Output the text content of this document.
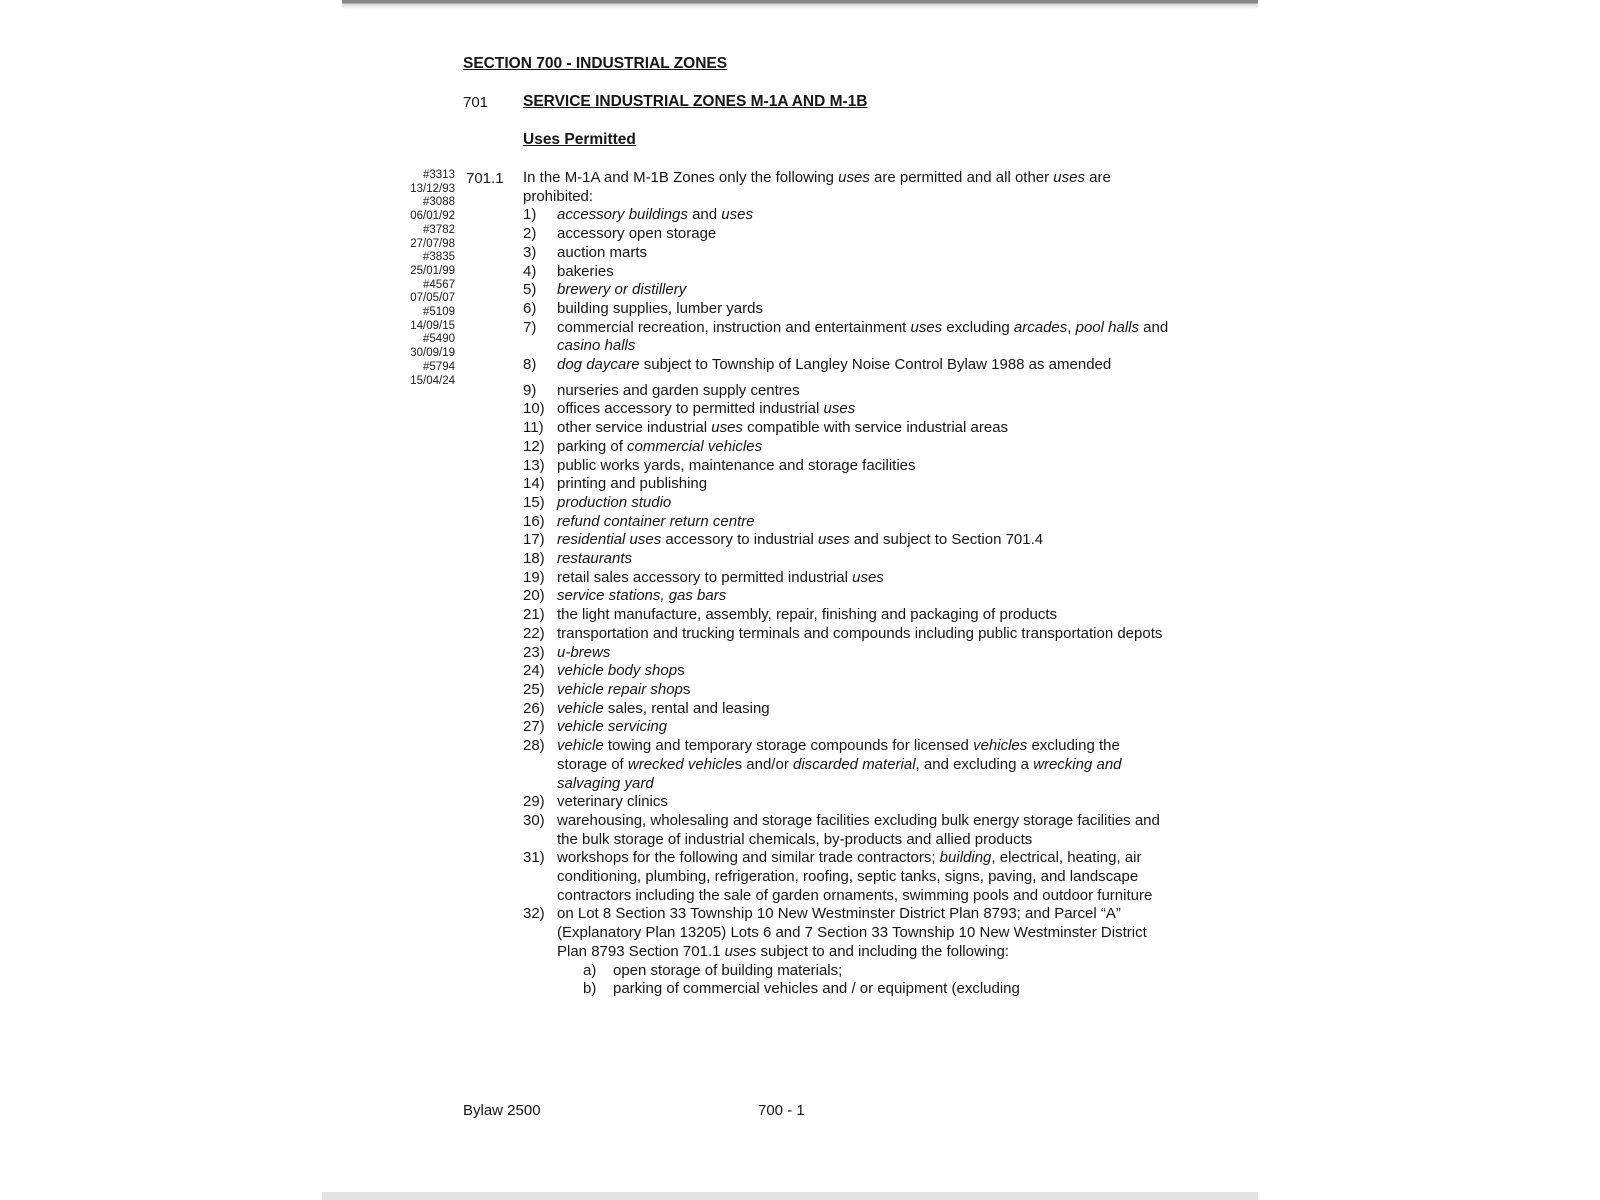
SECTION 700 - INDUSTRIAL ZONES
701 SERVICE INDUSTRIAL ZONES M-1A AND M-1B
Uses Permitted
#3313
13/12/93
#3088
06/01/92
#3782
27/07/98
#3835
25/01/99
#4567
07/05/07
#5109
14/09/15
#5490
30/09/19
#5794
15/04/24
701.1 In the M-1A and M-1B Zones only the following uses are permitted and all other uses are prohibited:
1)	accessory buildings and uses
2)	accessory open storage
3)	auction marts
4)	bakeries
5)	brewery or distillery
6)	building supplies, lumber yards
7)	commercial recreation, instruction and entertainment uses excluding arcades, pool halls and casino halls
8)	dog daycare subject to Township of Langley Noise Control Bylaw 1988 as amended
9)	nurseries and garden supply centres
10) offices accessory to permitted industrial uses
11) other service industrial uses compatible with service industrial areas
12) parking of commercial vehicles
13) public works yards, maintenance and storage facilities
14) printing and publishing
15) production studio
16) refund container return centre
17) residential uses accessory to industrial uses and subject to Section 701.4
18) restaurants
19) retail sales accessory to permitted industrial uses
20) service stations, gas bars
21) the light manufacture, assembly, repair, finishing and packaging of products
22) transportation and trucking terminals and compounds including public transportation depots
23) u-brews
24) vehicle body shops
25) vehicle repair shops
26) vehicle sales, rental and leasing
27) vehicle servicing
28) vehicle towing and temporary storage compounds for licensed vehicles excluding the storage of wrecked vehicles and/or discarded material, and excluding a wrecking and salvaging yard
29) veterinary clinics
30) warehousing, wholesaling and storage facilities excluding bulk energy storage facilities and the bulk storage of industrial chemicals, by-products and allied products
31) workshops for the following and similar trade contractors; building, electrical, heating, air conditioning, plumbing, refrigeration, roofing, septic tanks, signs, paving, and landscape contractors including the sale of garden ornaments, swimming pools and outdoor furniture
32) on Lot 8 Section 33 Township 10 New Westminster District Plan 8793; and Parcel “A” (Explanatory Plan 13205) Lots 6 and 7 Section 33 Township 10 New Westminster District Plan 8793 Section 701.1 uses subject to and including the following:
a)	open storage of building materials;
b)	parking of commercial vehicles and / or equipment (excluding
Bylaw 2500	700 - 1
